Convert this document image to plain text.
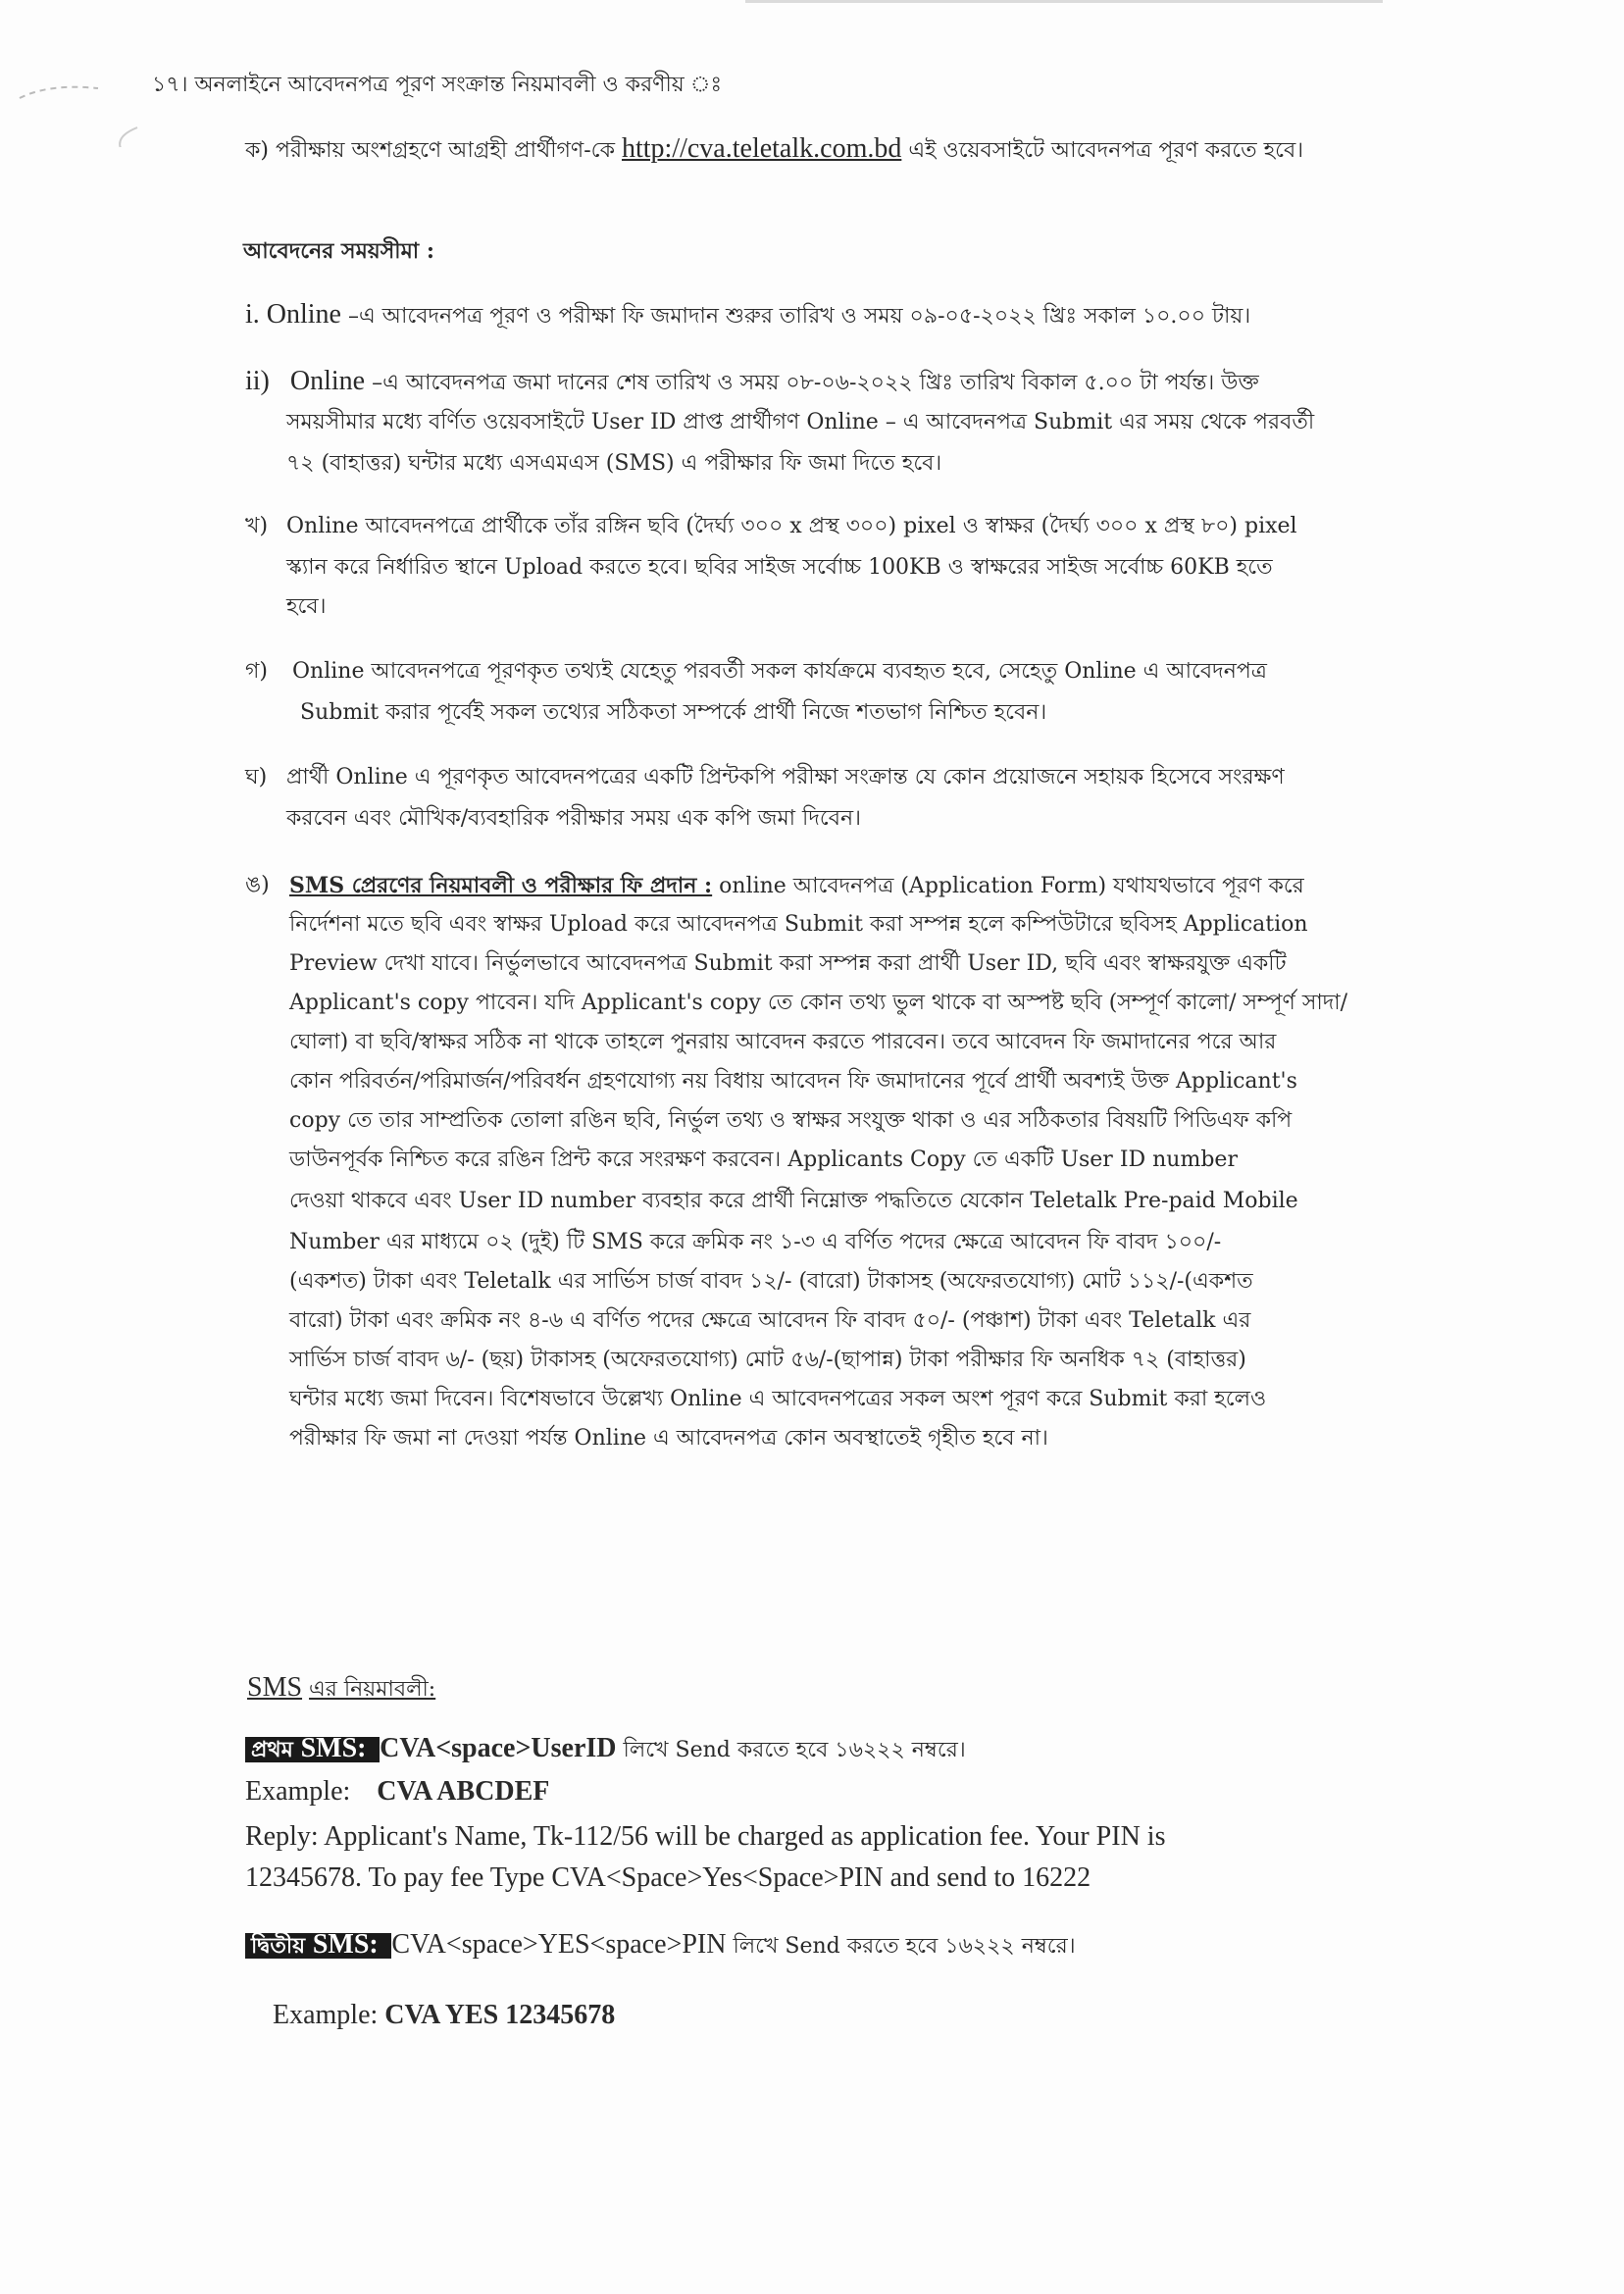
১৭। অনলাইনে আবেদনপত্র পূরণ সংক্রান্ত নিয়মাবলী ও করণীয় ঃ
ক) পরীক্ষায় অংশগ্রহণে আগ্রহী প্রার্থীগণ-কে http://cva.teletalk.com.bd এই ওয়েবসাইটে আবেদনপত্র পূরণ করতে হবে।
আবেদনের সময়সীমা :
i. Online –এ আবেদনপত্র পূরণ ও পরীক্ষা ফি জমাদান শুরুর তারিখ ও সময় ০৯-০৫-২০২২ খ্রিঃ সকাল ১০.০০ টায়।
ii) Online –এ আবেদনপত্র জমা দানের শেষ তারিখ ও সময় ০৮-০৬-২০২২ খ্রিঃ তারিখ বিকাল ৫.০০ টা পর্যন্ত। উক্ত
সময়সীমার মধ্যে বর্ণিত ওয়েবসাইটে User ID প্রাপ্ত প্রার্থীগণ Online – এ আবেদনপত্র Submit এর সময় থেকে পরবর্তী
৭২ (বাহাত্তর) ঘন্টার মধ্যে এসএমএস (SMS) এ পরীক্ষার ফি জমা দিতে হবে।
খ) Online আবেদনপত্রে প্রার্থীকে তাঁর রঙ্গিন ছবি (দৈর্ঘ্য ৩০০ x প্রস্থ ৩০০) pixel ও স্বাক্ষর (দৈর্ঘ্য ৩০০ x প্রস্থ ৮০) pixel
স্ক্যান করে নির্ধারিত স্থানে Upload করতে হবে। ছবির সাইজ সর্বোচ্চ 100KB ও স্বাক্ষরের সাইজ সর্বোচ্চ 60KB হতে
হবে।
গ) Online আবেদনপত্রে পূরণকৃত তথ্যই যেহেতু পরবর্তী সকল কার্যক্রমে ব্যবহৃত হবে, সেহেতু Online এ আবেদনপত্র
Submit করার পূর্বেই সকল তথ্যের সঠিকতা সম্পর্কে প্রার্থী নিজে শতভাগ নিশ্চিত হবেন।
ঘ) প্রার্থী Online এ পূরণকৃত আবেদনপত্রের একটি প্রিন্টকপি পরীক্ষা সংক্রান্ত যে কোন প্রয়োজনে সহায়ক হিসেবে সংরক্ষণ
করবেন এবং মৌখিক/ব্যবহারিক পরীক্ষার সময় এক কপি জমা দিবেন।
ঙ) SMS প্রেরণের নিয়মাবলী ও পরীক্ষার ফি প্রদান : online আবেদনপত্র (Application Form) যথাযথভাবে পূরণ করে
নির্দেশনা মতে ছবি এবং স্বাক্ষর Upload করে আবেদনপত্র Submit করা সম্পন্ন হলে কম্পিউটারে ছবিসহ Application
Preview দেখা যাবে। নির্ভুলভাবে আবেদনপত্র Submit করা সম্পন্ন করা প্রার্থী User ID, ছবি এবং স্বাক্ষরযুক্ত একটি
Applicant's copy পাবেন। যদি Applicant's copy তে কোন তথ্য ভুল থাকে বা অস্পষ্ট ছবি (সম্পূর্ণ কালো/ সম্পূর্ণ সাদা/
ঘোলা) বা ছবি/স্বাক্ষর সঠিক না থাকে তাহলে পুনরায় আবেদন করতে পারবেন। তবে আবেদন ফি জমাদানের পরে আর
কোন পরিবর্তন/পরিমার্জন/পরিবর্ধন গ্রহণযোগ্য নয় বিধায় আবেদন ফি জমাদানের পূর্বে প্রার্থী অবশ্যই উক্ত Applicant's
copy তে তার সাম্প্রতিক তোলা রঙিন ছবি, নির্ভুল তথ্য ও স্বাক্ষর সংযুক্ত থাকা ও এর সঠিকতার বিষয়টি পিডিএফ কপি
ডাউনপূর্বক নিশ্চিত করে রঙিন প্রিন্ট করে সংরক্ষণ করবেন। Applicants Copy তে একটি User ID number
দেওয়া থাকবে এবং User ID number ব্যবহার করে প্রার্থী নিম্নোক্ত পদ্ধতিতে যেকোন Teletalk Pre-paid Mobile
Number এর মাধ্যমে ০২ (দুই) টি SMS করে ক্রমিক নং ১-৩ এ বর্ণিত পদের ক্ষেত্রে আবেদন ফি বাবদ ১০০/-
(একশত) টাকা এবং Teletalk এর সার্ভিস চার্জ বাবদ ১২/- (বারো) টাকাসহ (অফেরতযোগ্য) মোট ১১২/-(একশত
বারো) টাকা এবং ক্রমিক নং ৪-৬ এ বর্ণিত পদের ক্ষেত্রে আবেদন ফি বাবদ ৫০/- (পঞ্চাশ) টাকা এবং Teletalk এর
সার্ভিস চার্জ বাবদ ৬/- (ছয়) টাকাসহ (অফেরতযোগ্য) মোট ৫৬/-(ছাপান্ন) টাকা পরীক্ষার ফি অনধিক ৭২ (বাহাত্তর)
ঘন্টার মধ্যে জমা দিবেন। বিশেষভাবে উল্লেখ্য Online এ আবেদনপত্রের সকল অংশ পূরণ করে Submit করা হলেও
পরীক্ষার ফি জমা না দেওয়া পর্যন্ত Online এ আবেদনপত্র কোন অবস্থাতেই গৃহীত হবে না।
SMS এর নিয়মাবলী:
প্রথম SMS: CVA<space>UserID লিখে Send করতে হবে ১৬২২২ নম্বরে।
Example: CVA ABCDEF
Reply: Applicant's Name, Tk-112/56 will be charged as application fee. Your PIN is
12345678. To pay fee Type CVA<Space>Yes<Space>PIN and send to 16222
দ্বিতীয় SMS: CVA<space>YES<space>PIN লিখে Send করতে হবে ১৬২২২ নম্বরে।
Example: CVA YES 12345678
